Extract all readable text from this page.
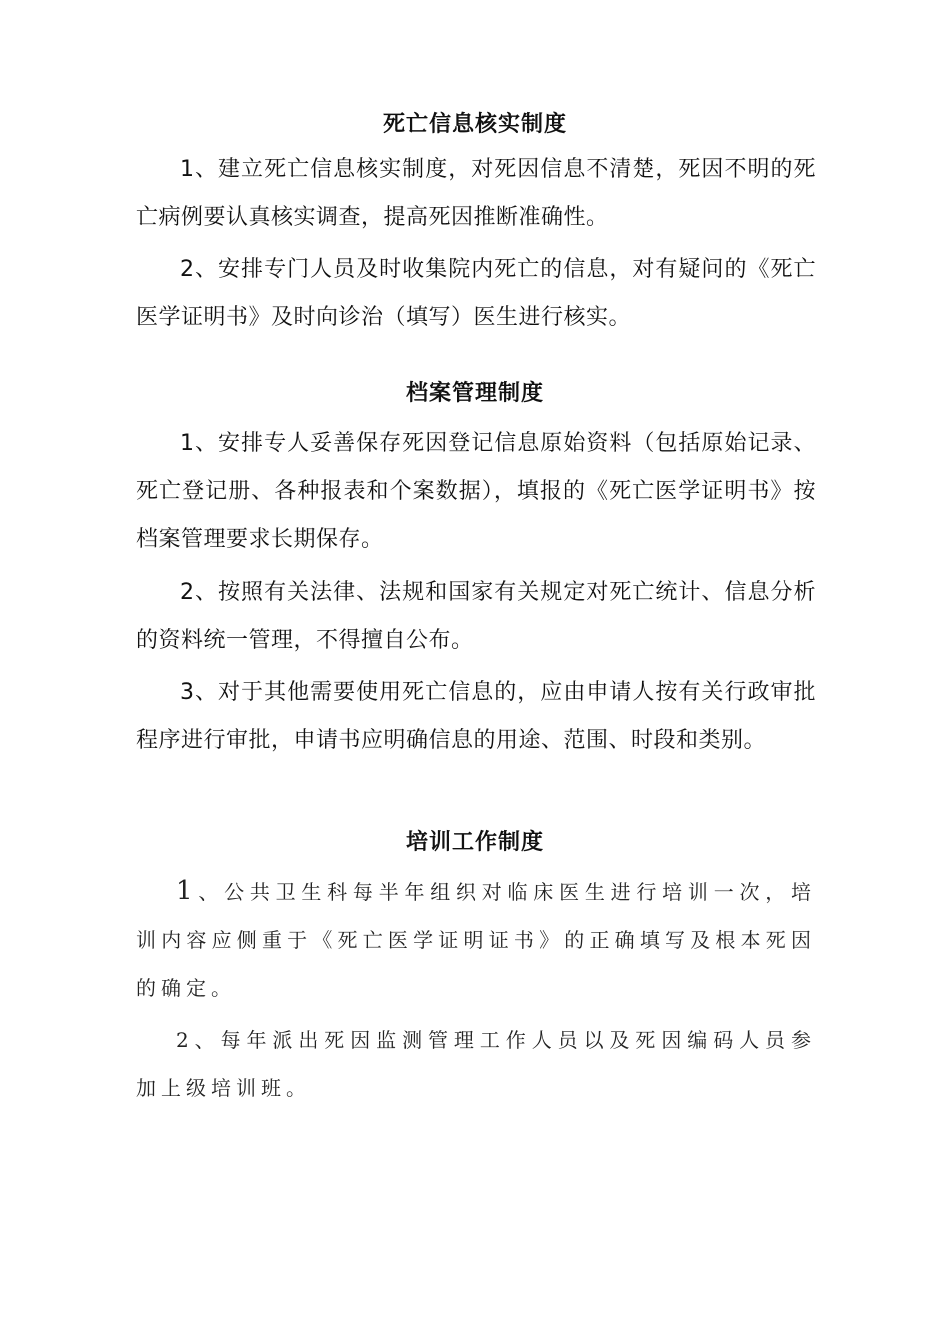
死亡信息核实制度
1、建立死亡信息核实制度，对死因信息不清楚，死因不明的死亡病例要认真核实调查，提高死因推断准确性。
2、安排专门人员及时收集院内死亡的信息，对有疑问的《死亡医学证明书》及时向诊治（填写）医生进行核实。
档案管理制度
1、安排专人妥善保存死因登记信息原始资料（包括原始记录、死亡登记册、各种报表和个案数据），填报的《死亡医学证明书》按档案管理要求长期保存。
2、按照有关法律、法规和国家有关规定对死亡统计、信息分析的资料统一管理，不得擅自公布。
3、对于其他需要使用死亡信息的，应由申请人按有关行政审批程序进行审批，申请书应明确信息的用途、范围、时段和类别。
培训工作制度
1、公共卫生科每半年组织对临床医生进行培训一次，培训内容应侧重于《死亡医学证明证书》的正确填写及根本死因的确定。
2、每年派出死因监测管理工作人员以及死因编码人员参加上级培训班。
